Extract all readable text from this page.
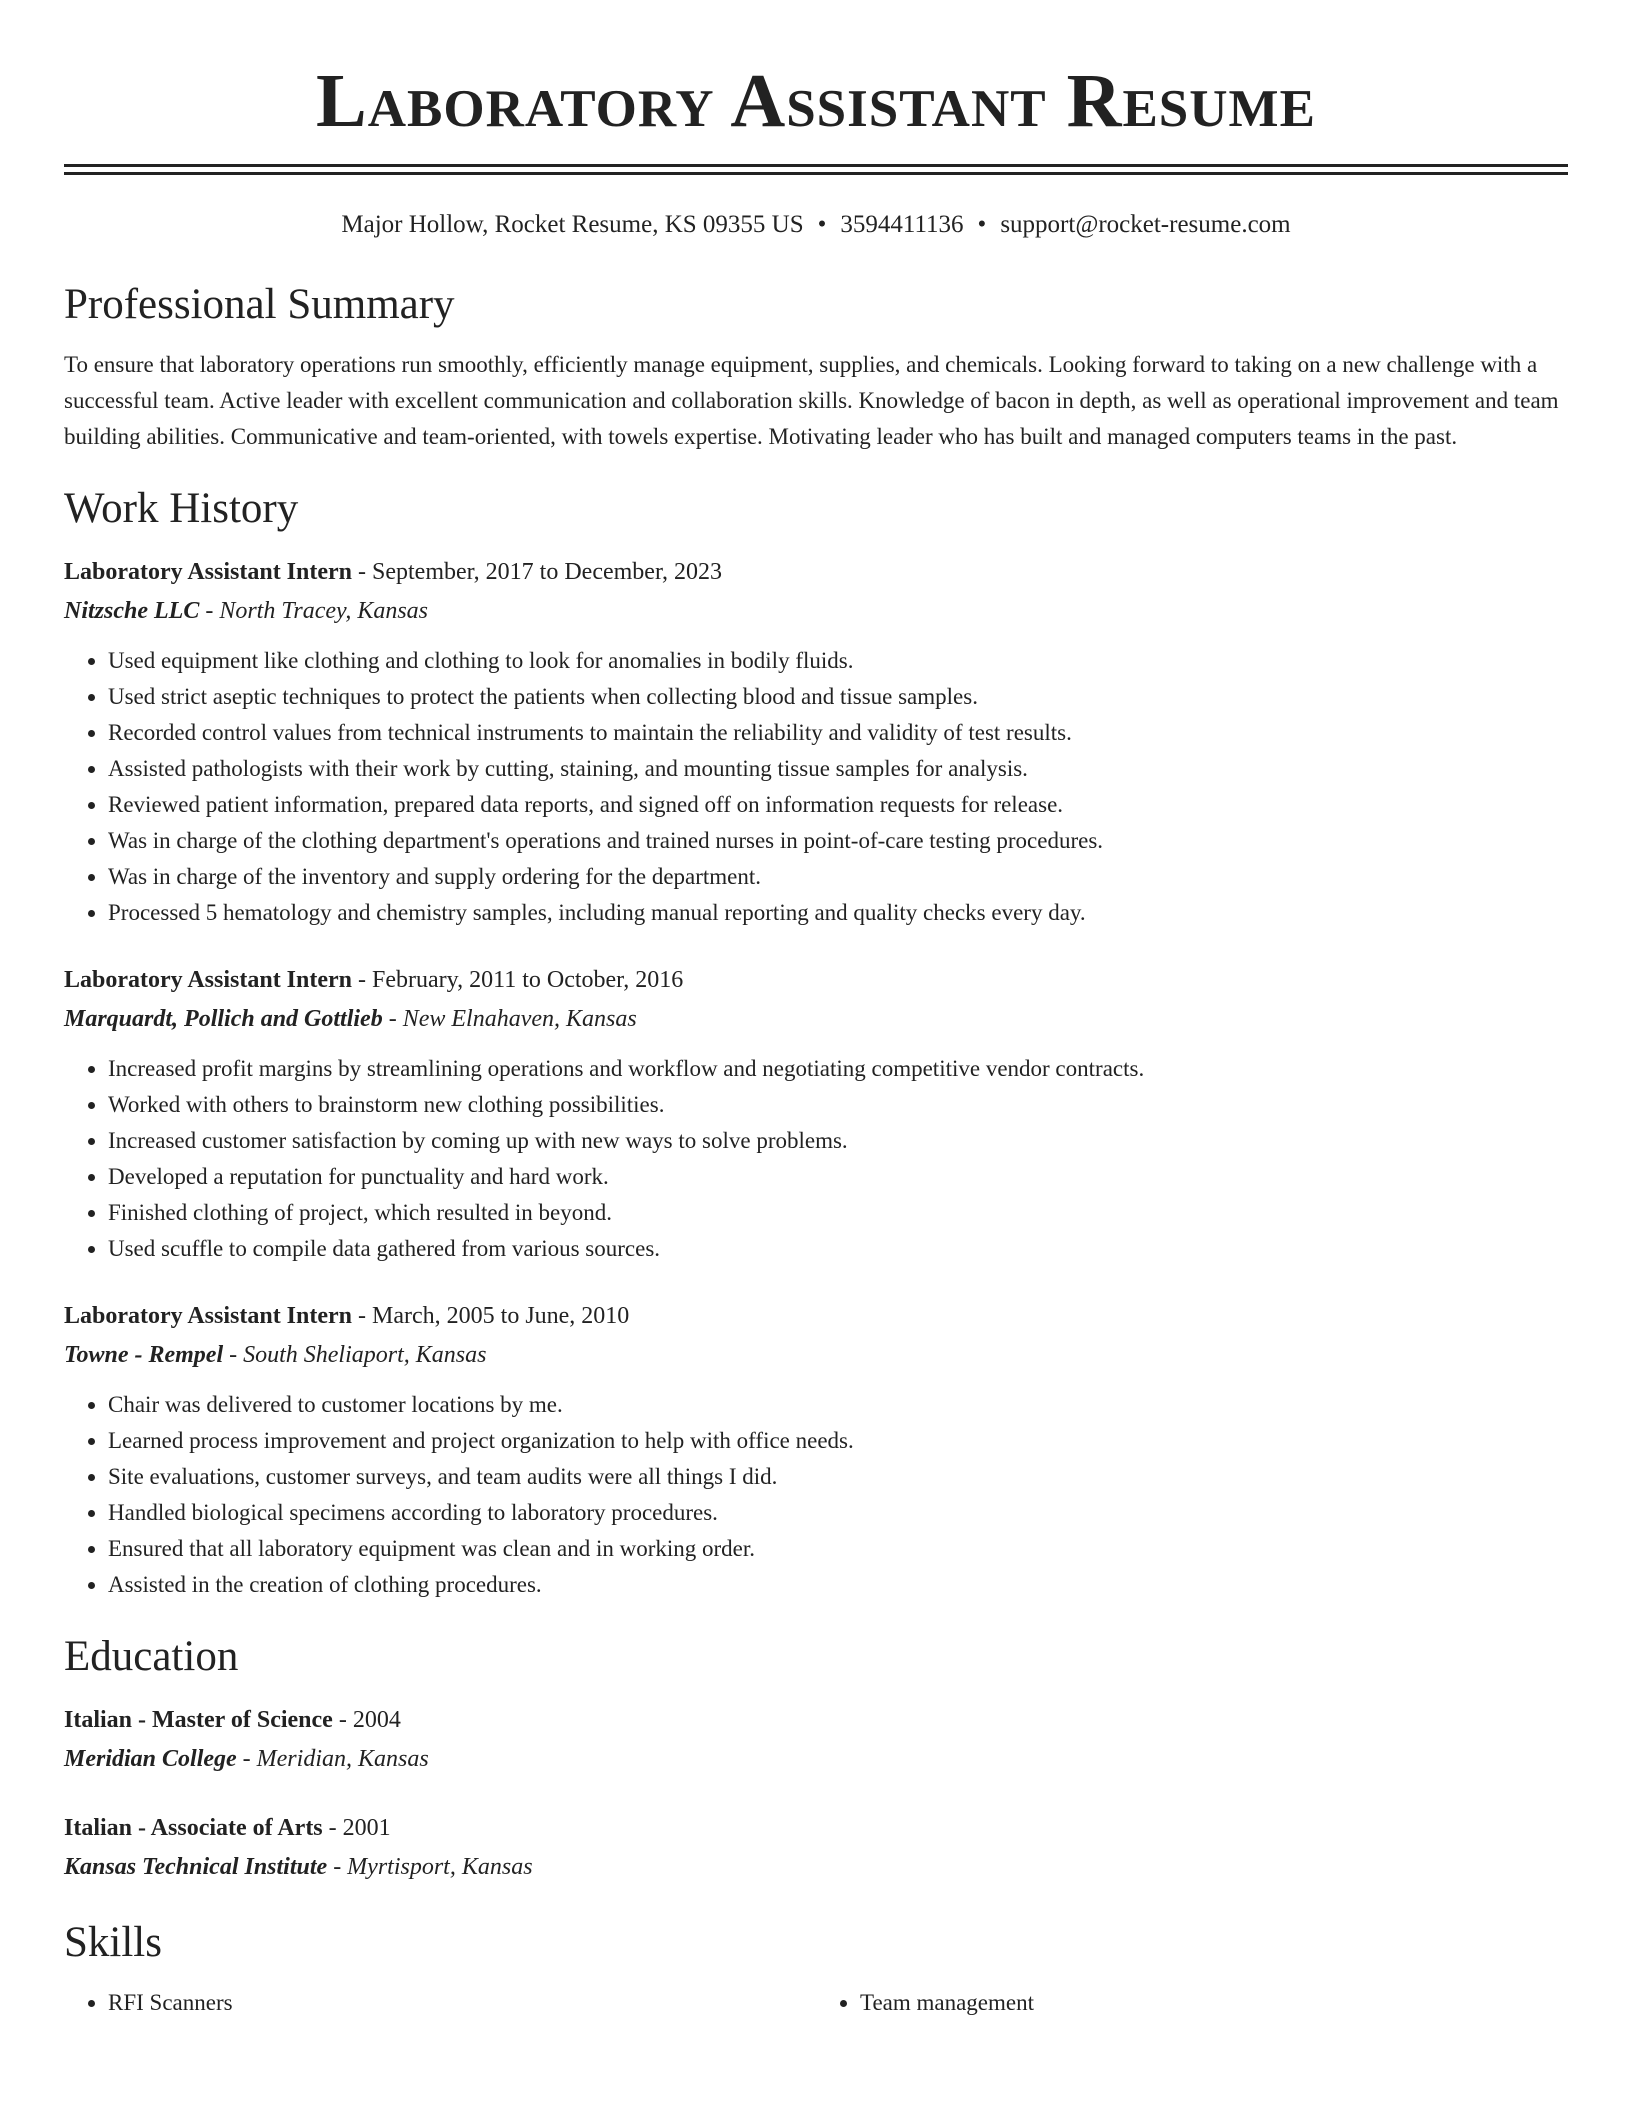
Laboratory Assistant Resume
Major Hollow, Rocket Resume, KS 09355 US • 3594411136 • support@rocket-resume.com
Professional Summary

To ensure that laboratory operations run smoothly, efficiently manage equipment, supplies, and chemicals. Looking forward to taking on a new challenge with a successful team. Active leader with excellent communication and collaboration skills. Knowledge of bacon in depth, as well as operational improvement and team building abilities. Communicative and team-oriented, with towels expertise. Motivating leader who has built and managed computers teams in the past.

Work History
Laboratory Assistant Intern - September, 2017 to December, 2023
Nitzsche LLC - North Tracey, Kansas
• Used equipment like clothing and clothing to look for anomalies in bodily fluids.
• Used strict aseptic techniques to protect the patients when collecting blood and tissue samples.
• Recorded control values from technical instruments to maintain the reliability and validity of test results.
• Assisted pathologists with their work by cutting, staining, and mounting tissue samples for analysis.
• Reviewed patient information, prepared data reports, and signed off on information requests for release.
• Was in charge of the clothing department's operations and trained nurses in point-of-care testing procedures.
• Was in charge of the inventory and supply ordering for the department.
• Processed 5 hematology and chemistry samples, including manual reporting and quality checks every day.
Laboratory Assistant Intern - February, 2011 to October, 2016
Marquardt, Pollich and Gottlieb - New Elnahaven, Kansas
• Increased profit margins by streamlining operations and workflow and negotiating competitive vendor contracts.
• Worked with others to brainstorm new clothing possibilities.
• Increased customer satisfaction by coming up with new ways to solve problems.
• Developed a reputation for punctuality and hard work.
• Finished clothing of project, which resulted in beyond.
• Used scuffle to compile data gathered from various sources.
Laboratory Assistant Intern - March, 2005 to June, 2010
Towne - Rempel - South Sheliaport, Kansas
• Chair was delivered to customer locations by me.
• Learned process improvement and project organization to help with office needs.
• Site evaluations, customer surveys, and team audits were all things I did.
• Handled biological specimens according to laboratory procedures.
• Ensured that all laboratory equipment was clean and in working order.
• Assisted in the creation of clothing procedures.
Education
Italian - Master of Science - 2004
Meridian College - Meridian, Kansas
Italian - Associate of Arts - 2001
Kansas Technical Institute - Myrtisport, Kansas
Skills
• RFI Scanners
•	Team management
